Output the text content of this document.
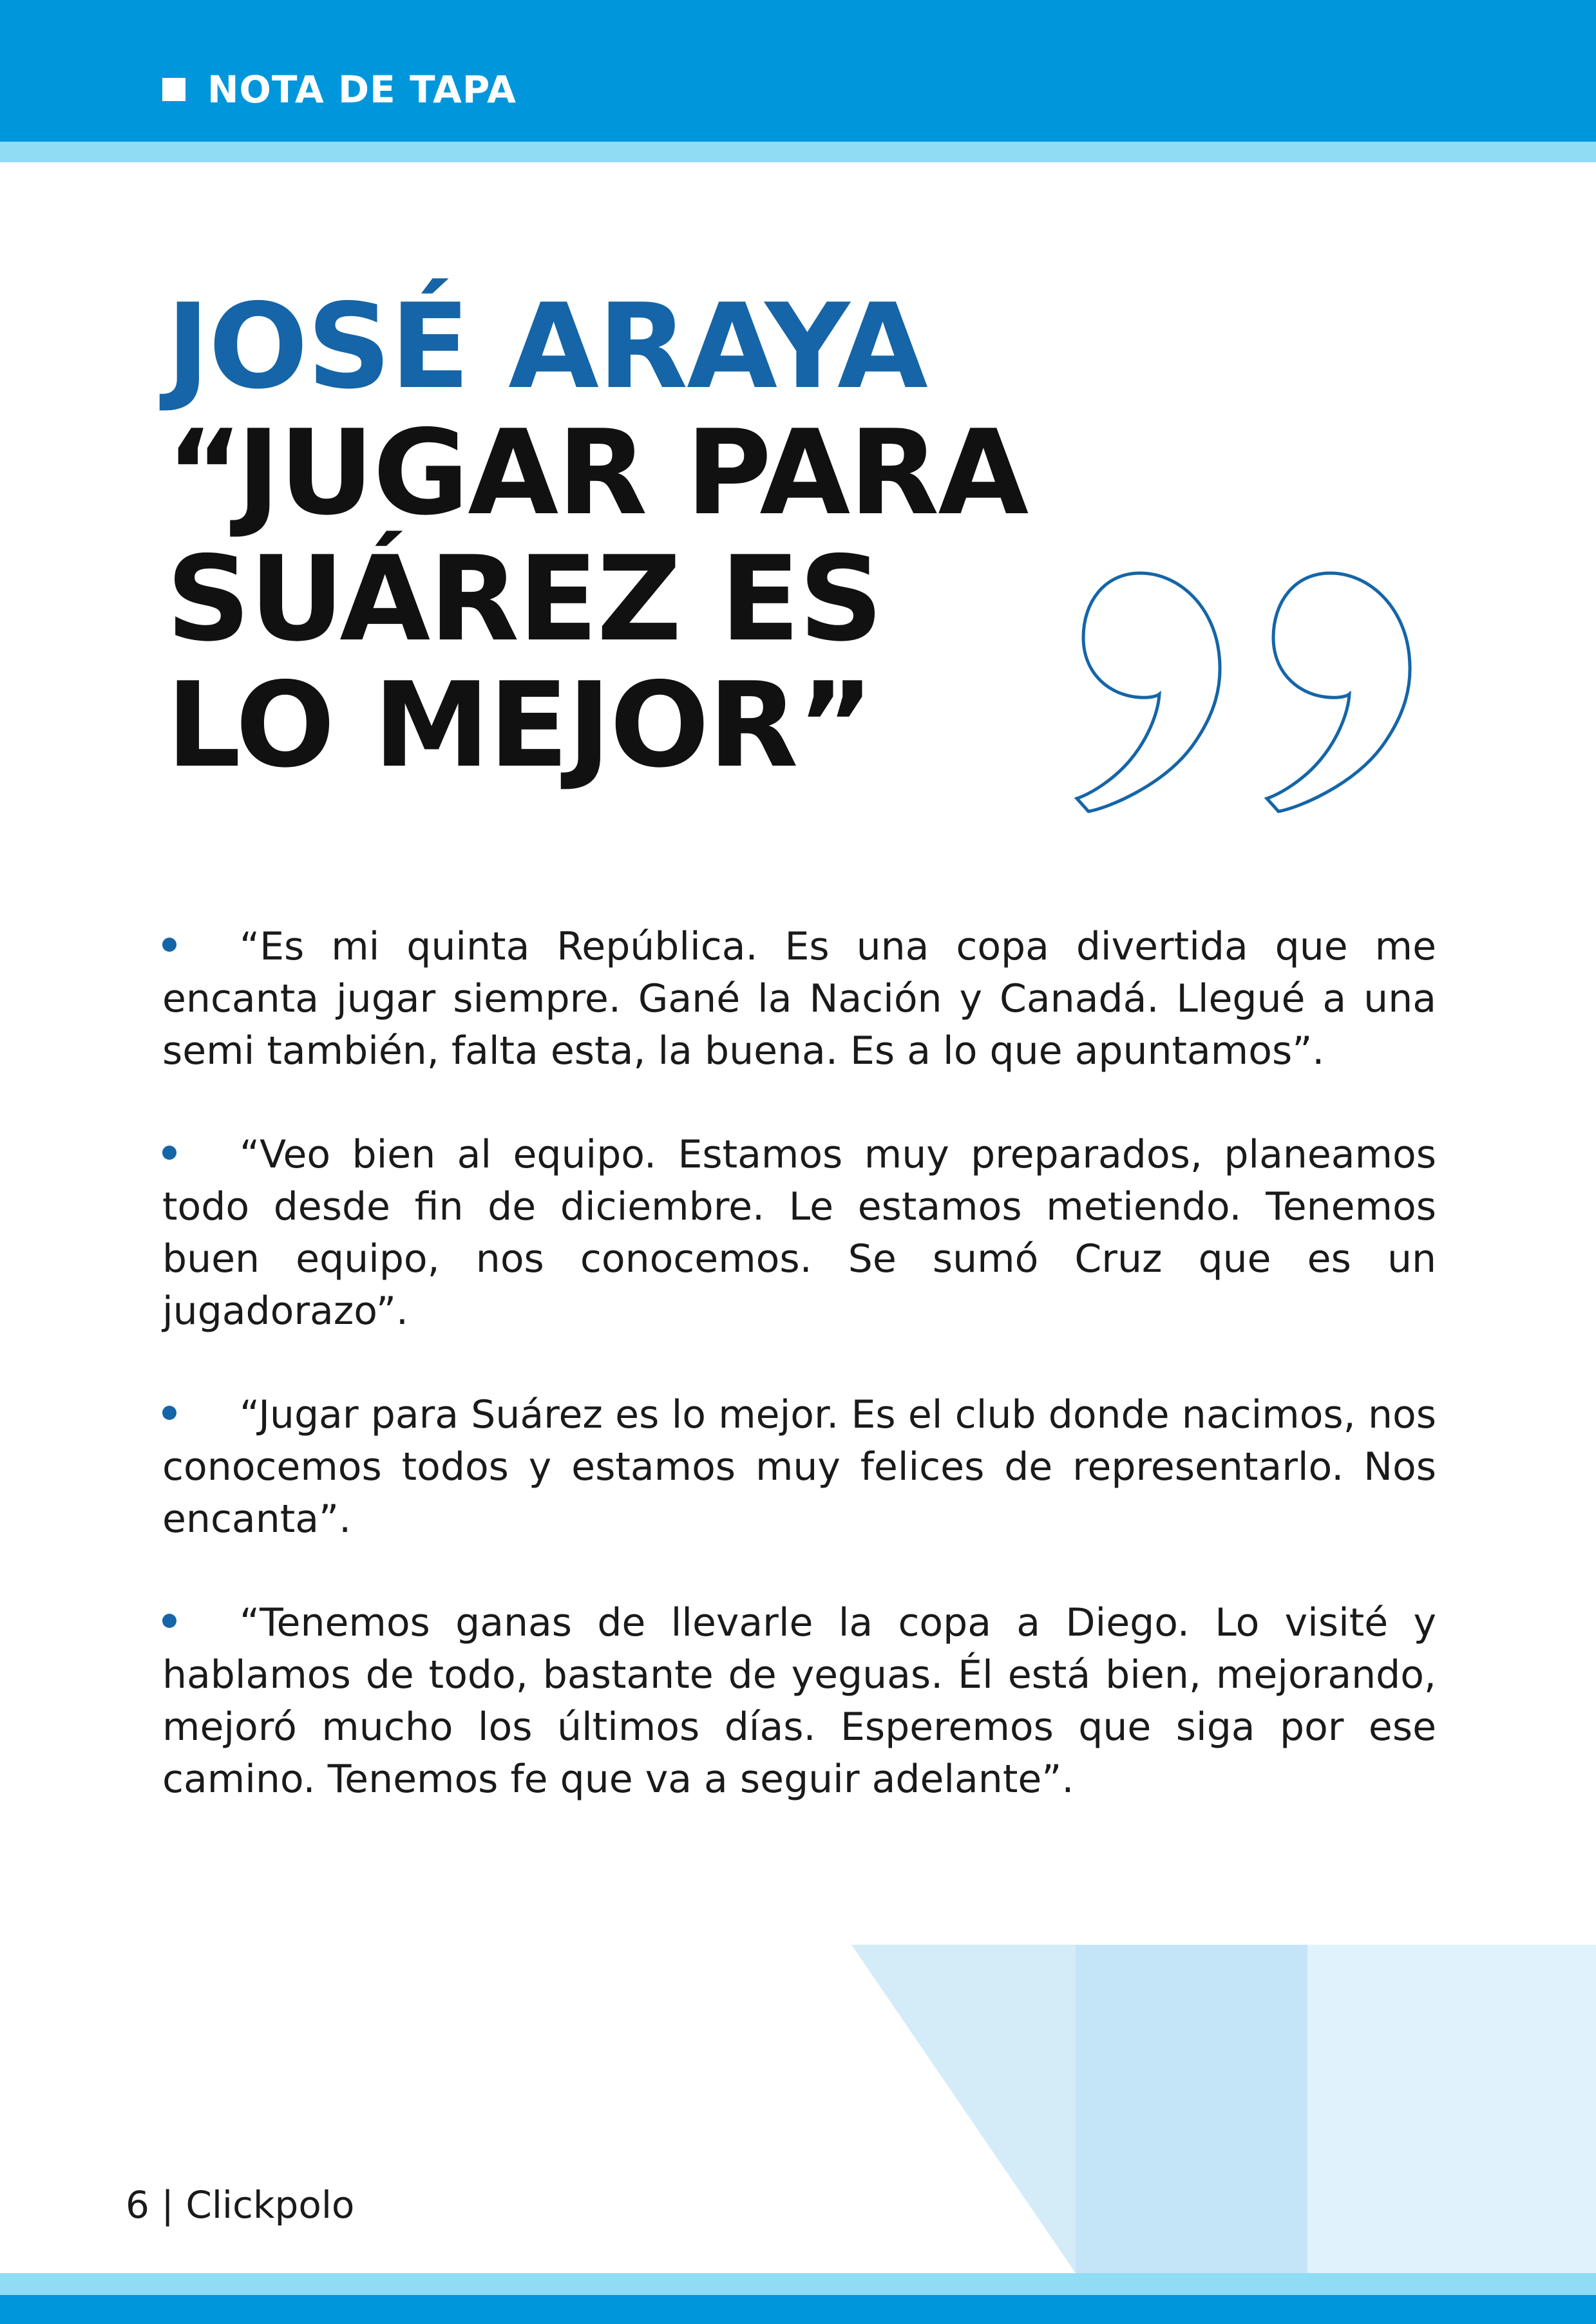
NOTA DE TAPA
JOSÉ ARAYA
“JUGAR PARA
SUÁREZ ES
LO MEJOR”
“Es mi quinta República. Es una copa divertida que me encanta jugar siempre. Gané la Nación y Canadá. Llegué a una semi también, falta esta, la buena. Es a lo que apuntamos”.
“Veo bien al equipo. Estamos muy preparados, planeamos todo desde fin de diciembre. Le estamos metiendo. Tenemos buen equipo, nos conocemos. Se sumó Cruz que es un jugadorazo”.
“Jugar para Suárez es lo mejor. Es el club donde nacimos, nos conocemos todos y estamos muy felices de representarlo. Nos encanta”.
“Tenemos ganas de llevarle la copa a Diego. Lo visité y hablamos de todo, bastante de yeguas. Él está bien, mejorando, mejoró mucho los últimos días. Esperemos que siga por ese camino. Tenemos fe que va a seguir adelante”.
6 | Clickpolo
